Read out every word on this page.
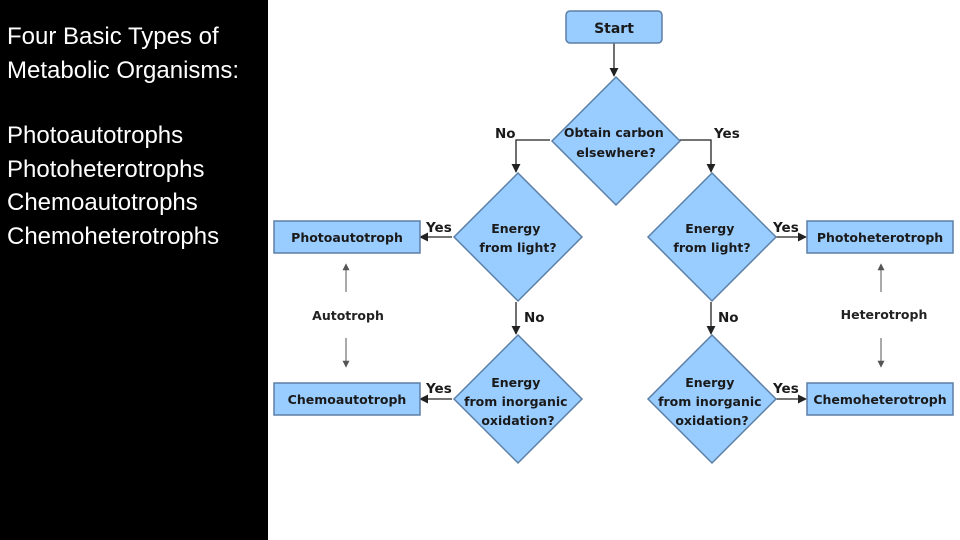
Four Basic Types of
Metabolic Organisms:
Photoautotrophs
Photoheterotrophs
Chemoautotrophs
Chemoheterotrophs
Start
Obtain carbon elsewhere?
Energy from light?
Energy from light?
Energy from inorganic oxidation?
Energy from inorganic oxidation?
Photoautotroph
Chemoautotroph
Photoheterotroph
Chemoheterotroph
Autotroph	Heterotroph
No	Yes
Yes	Yes
No	No
Yes	Yes
